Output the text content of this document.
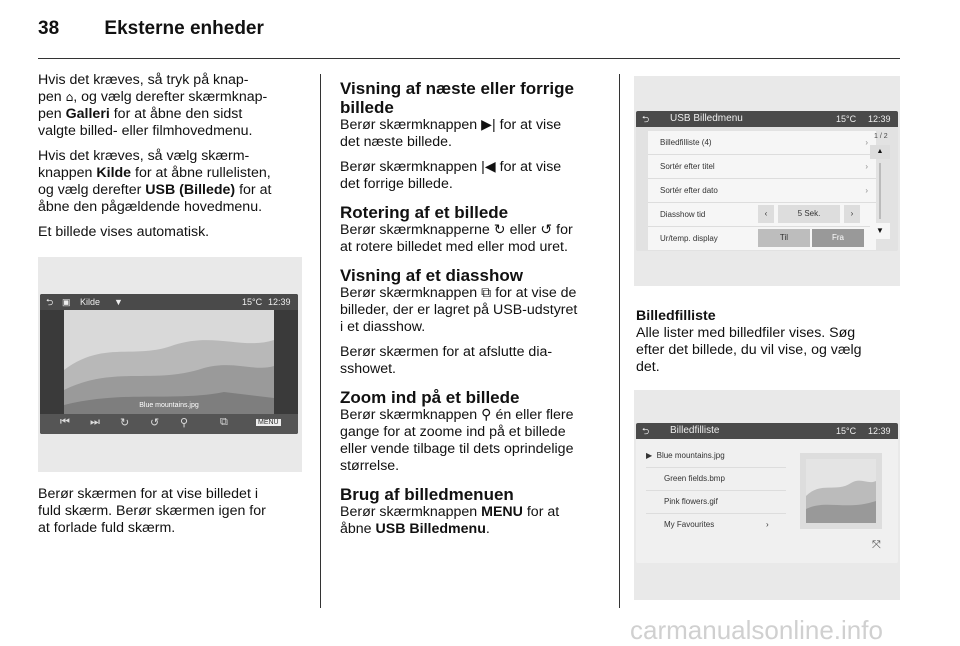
38 Eksterne enheder

Hvis det kræves, så tryk på knap-
pen ⌂, og vælg derefter skærmknap-
pen Galleri for at åbne den sidst
valgte billed- eller filmhovedmenu.

Hvis det kræves, så vælg skærm-
knappen Kilde for at åbne rullelisten,
og vælg derefter USB (Billede) for at
åbne den pågældende hovedmenu.

Et billede vises automatisk.

⮌ ▣ Kilde ▼	15°C 12:39
Blue mountains.jpg
⏮ ⏭ ↻ ↺ ⚲	⧉	MENU

Berør skærmen for at vise billedet i
fuld skærm. Berør skærmen igen for
at forlade fuld skærm.

Visning af næste eller forrige
billede

Berør skærmknappen ▶| for at vise
det næste billede.

Berør skærmknappen |◀ for at vise
det forrige billede.

Rotering af et billede

Berør skærmknapperne ↻ eller ↺ for
at rotere billedet med eller mod uret.

Visning af et diasshow

Berør skærmknappen ⧉ for at vise de
billeder, der er lagret på USB-udstyret
i et diasshow.

Berør skærmen for at afslutte dia-
sshowet.

Zoom ind på et billede

Berør skærmknappen ⚲ én eller flere
gange for at zoome ind på et billede
eller vende tilbage til dets oprindelige
størrelse.

Brug af billedmenuen

Berør skærmknappen MENU for at
åbne USB Billedmenu.

⮌ USB Billedmenu	15°C 12:39
Billedfilliste (4)	›
Sortér efter titel	›
Sortér efter dato	›
Diasshow tid	‹	5 Sek.	›
Ur/temp. display	Til	Fra
1 / 2
▲
▼
Billedfilliste

Alle lister med billedfiler vises. Søg
efter det billede, du vil vise, og vælg
det.

⮌ Billedfilliste	15°C 12:39
▶  Blue mountains.jpg
Green fields.bmp
Pink flowers.gif
My Favourites	›
⤧
carmanualsonline.info
